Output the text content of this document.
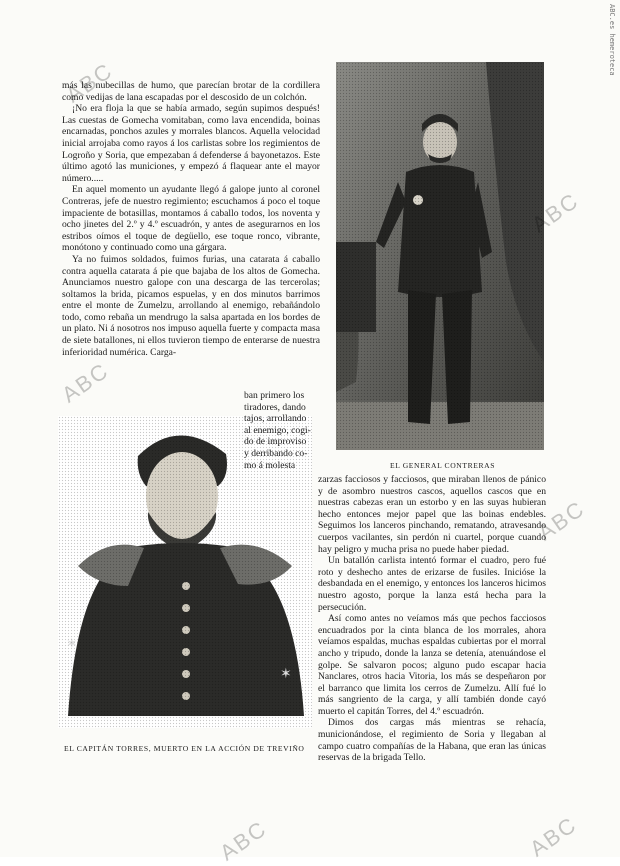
ABC.es hemeroteca

más las nubecillas de humo, que parecían brotar de la cordillera como vedijas de lana escapadas por el descosido de un colchón.

¡No era floja la que se había armado, según supimos después! Las cuestas de Gomecha vomitaban, como lava encendida, boinas encarnadas, ponchos azules y morrales blancos. Aquella velocidad inicial arrojaba como rayos á los carlistas sobre los regimientos de Logroño y Soria, que empezaban á defenderse á bayonetazos. Este último agotó las municiones, y empezó á flaquear ante el mayor número.....

En aquel momento un ayudante llegó á galope junto al coronel Contreras, jefe de nuestro regimiento; escuchamos á poco el toque impaciente de botasillas, montamos á caballo todos, los noventa y ocho jinetes del 2.º y 4.º escuadrón, y antes de asegurarnos en los estribos oímos el toque de degüello, ese toque ronco, vibrante, monótono y continuado como una gárgara.

Ya no fuimos soldados, fuimos furias, una catarata á caballo contra aquella catarata á pie que bajaba de los altos de Gomecha. Anunciamos nuestro galope con una descarga de las tercerolas; soltamos la brida, picamos espuelas, y en dos minutos barrimos entre el monte de Zumelzu, arrollando al enemigo, rebañándolo todo, como rebaña un mendrugo la salsa apartada en los bordes de un plato. Ni á nosotros nos impuso aquella fuerte y compacta masa de siete batallones, ni ellos tuvieron tiempo de enterarse de nuestra inferioridad numérica. Carga-

EL GENERAL CONTRERAS
EL CAPITÁN TORRES, MUERTO EN LA ACCIÓN DE TREVIÑO

ban primero los

tiradores, dando

tajos, arrollando

al enemigo, cogi-

do de improviso

y derribando co-

mo á molesta

zarzas facciosos y facciosos, que miraban llenos de pánico y de asombro nuestros cascos, aquellos cascos que en nuestras cabezas eran un estorbo y en las suyas hubieran hecho entonces mejor papel que las boinas endebles. Seguimos los lanceros pinchando, rematando, atravesando cuerpos vacilantes, sin perdón ni cuartel, porque cuando hay peligro y mucha prisa no puede haber piedad.

Un batallón carlista intentó formar el cuadro, pero fué roto y deshecho antes de erizarse de fusiles. Inicióse la desbandada en el enemigo, y entonces los lanceros hicimos nuestro agosto, porque la lanza está hecha para la persecución.

Así como antes no veíamos más que pechos facciosos encuadrados por la cinta blanca de los morrales, ahora veíamos espaldas, muchas espaldas cubiertas por el morral ancho y tripudo, donde la lanza se detenía, atenuándose el golpe. Se salvaron pocos; alguno pudo escapar hacia Nanclares, otros hacia Vitoria, los más se despeñaron por el barranco que limita los cerros de Zumelzu. Allí fué lo más sangriento de la carga, y allí también donde cayó muerto el capitán Torres, del 4.º escuadrón.

Dimos dos cargas más mientras se rehacía, municionándose, el regimiento de Soria y llegaban al campo cuatro compañías de la Habana, que eran las únicas reservas de la brigada Tello.

ABC
ABC
ABC
ABC
ABC	ABC
